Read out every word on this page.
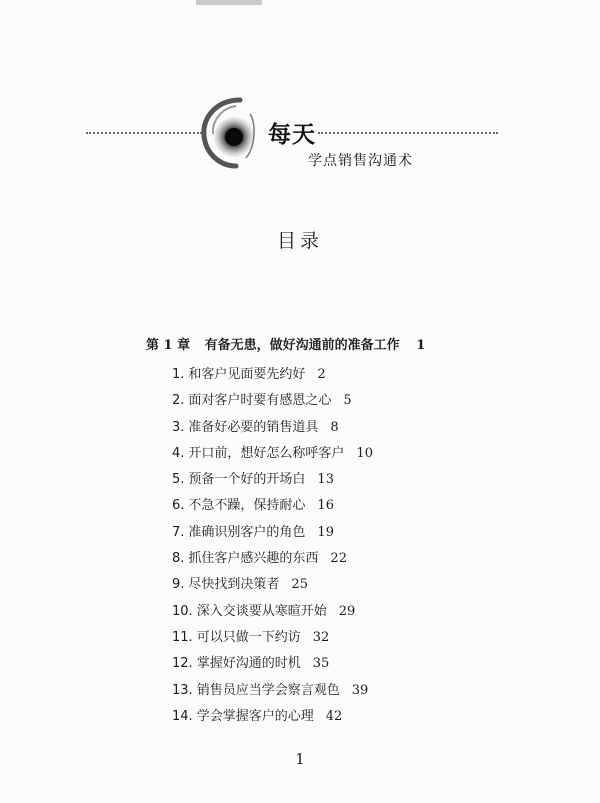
每天
学点销售沟通术
目录
第 1 章 有备无患，做好沟通前的准备工作 1
1. 和客户见面要先约好 2
2. 面对客户时要有感恩之心 5
3. 准备好必要的销售道具 8
4. 开口前，想好怎么称呼客户 10
5. 预备一个好的开场白 13
6. 不急不躁，保持耐心 16
7. 准确识别客户的角色 19
8. 抓住客户感兴趣的东西 22
9. 尽快找到决策者 25
10. 深入交谈要从寒暄开始 29
11. 可以只做一下约访 32
12. 掌握好沟通的时机 35
13. 销售员应当学会察言观色 39
14. 学会掌握客户的心理 42
1
